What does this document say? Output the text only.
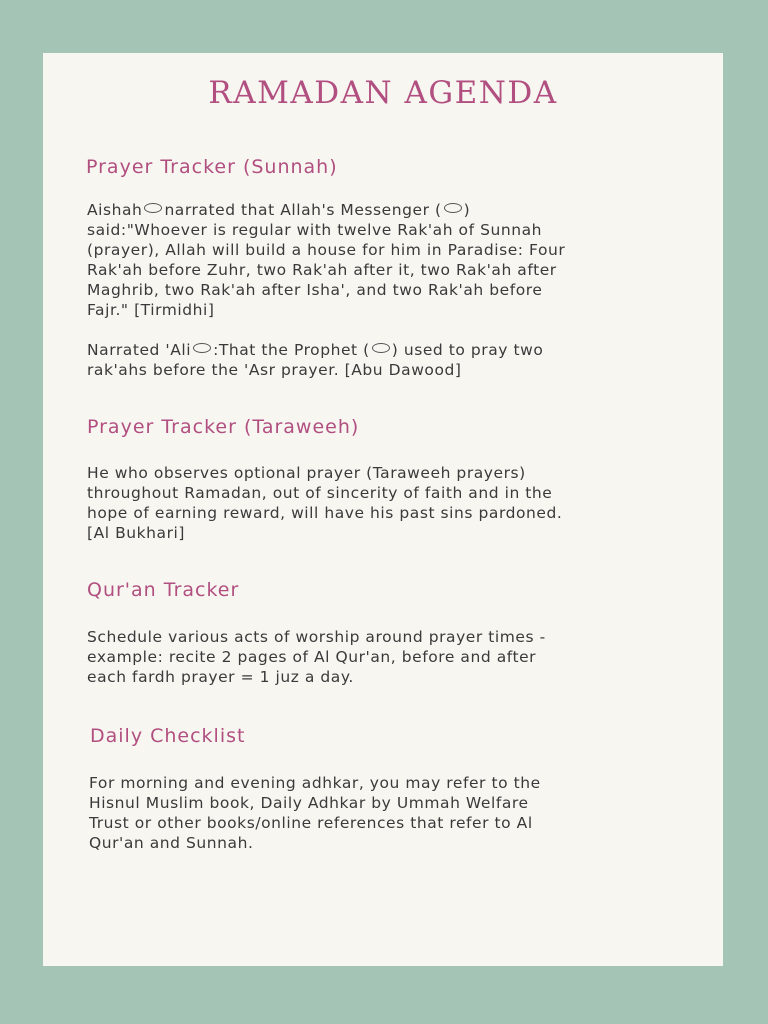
RAMADAN AGENDA
Prayer Tracker (Sunnah)
Aishah narrated that Allah's Messenger ( )
said:"Whoever is regular with twelve Rak'ah of Sunnah
(prayer), Allah will build a house for him in Paradise: Four
Rak'ah before Zuhr, two Rak'ah after it, two Rak'ah after
Maghrib, two Rak'ah after Isha', and two Rak'ah before
Fajr." [Tirmidhi]
Narrated 'Ali :That the Prophet ( ) used to pray two
rak'ahs before the 'Asr prayer. [Abu Dawood]
Prayer Tracker (Taraweeh)
He who observes optional prayer (Taraweeh prayers)
throughout Ramadan, out of sincerity of faith and in the
hope of earning reward, will have his past sins pardoned.
[Al Bukhari]
Qur'an Tracker
Schedule various acts of worship around prayer times -
example: recite 2 pages of Al Qur'an, before and after
each fardh prayer = 1 juz a day.
Daily Checklist
For morning and evening adhkar, you may refer to the
Hisnul Muslim book, Daily Adhkar by Ummah Welfare
Trust or other books/online references that refer to Al
Qur'an and Sunnah.
